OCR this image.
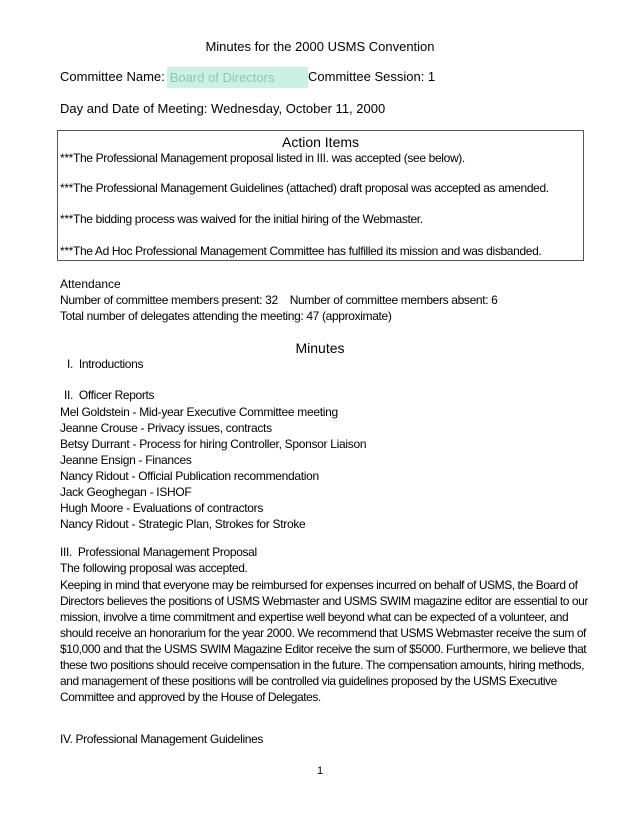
Minutes for the 2000 USMS Convention
Committee Name: Board of Directors	Committee Session: 1
Day and Date of Meeting: Wednesday, October 11, 2000
Action Items
***The Professional Management proposal listed in III. was accepted (see below).
***The Professional Management Guidelines (attached) draft proposal was accepted as amended.
***The bidding process was waived for the initial hiring of the Webmaster.
***The Ad Hoc Professional Management Committee has fulfilled its mission and was disbanded.
Attendance
Number of committee members present: 32    Number of committee members absent: 6
Total number of delegates attending the meeting: 47 (approximate)
Minutes
I.  Introductions
II.  Officer Reports
Mel Goldstein - Mid-year Executive Committee meeting
Jeanne Crouse - Privacy issues, contracts
Betsy Durrant - Process for hiring Controller, Sponsor Liaison
Jeanne Ensign - Finances
Nancy Ridout - Official Publication recommendation
Jack Geoghegan - ISHOF
Hugh Moore - Evaluations of contractors
Nancy Ridout - Strategic Plan, Strokes for Stroke
III.  Professional Management Proposal
The following proposal was accepted.
Keeping in mind that everyone may be reimbursed for expenses incurred on behalf of USMS, the Board of
Directors believes the positions of USMS Webmaster and USMS SWIM magazine editor are essential to our
mission, involve a time commitment and expertise well beyond what can be expected of a volunteer, and
should receive an honorarium for the year 2000. We recommend that USMS Webmaster receive the sum of
$10,000 and that the USMS SWIM Magazine Editor receive the sum of $5000. Furthermore, we believe that
these two positions should receive compensation in the future. The compensation amounts, hiring methods,
and management of these positions will be controlled via guidelines proposed by the USMS Executive
Committee and approved by the House of Delegates.
IV. Professional Management Guidelines
1
